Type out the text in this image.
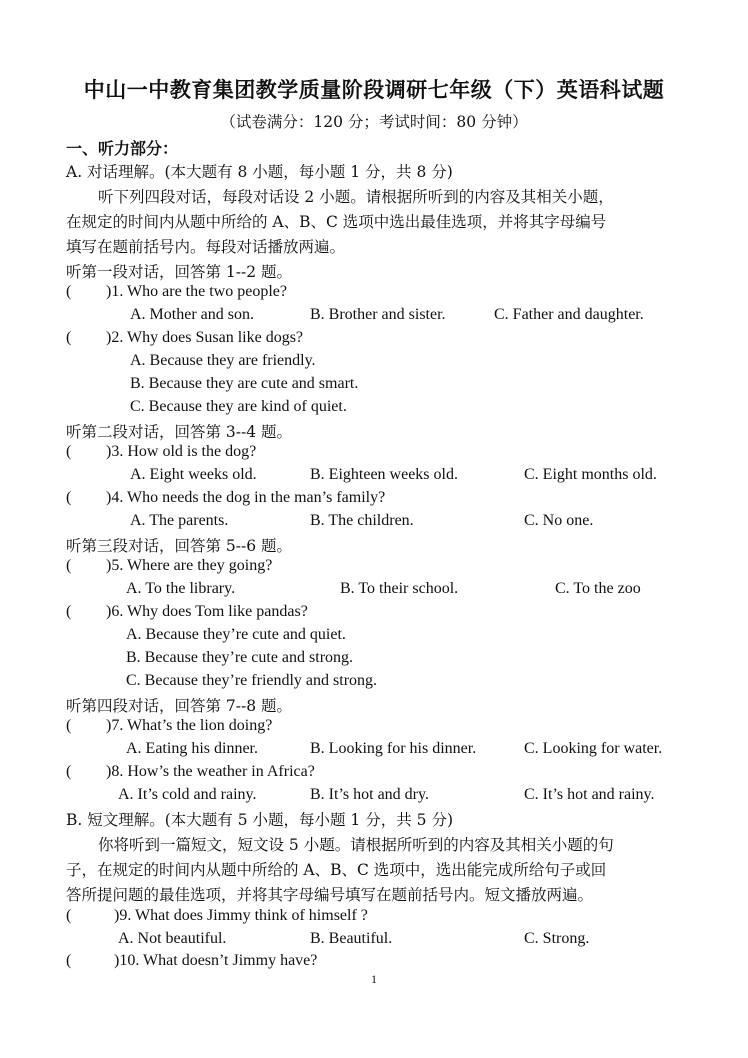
中山一中教育集团教学质量阶段调研七年级（下）英语科试题
（试卷满分：120 分；考试时间：80 分钟）
一、听力部分：
A. 对话理解。(本大题有 8 小题，每小题 1 分，共 8 分)
听下列四段对话，每段对话设 2 小题。请根据所听到的内容及其相关小题，
在规定的时间内从题中所给的 A、B、C 选项中选出最佳选项，并将其字母编号
填写在题前括号内。每段对话播放两遍。
听第一段对话，回答第 1--2 题。
( )1. Who are the two people?
A. Mother and son.	B. Brother and sister.	C. Father and daughter.
( )2. Why does Susan like dogs?
A. Because they are friendly.
B. Because they are cute and smart.
C. Because they are kind of quiet.
听第二段对话，回答第 3--4 题。
( )3. How old is the dog?
A. Eight weeks old.	B. Eighteen weeks old.	C. Eight months old.
( )4. Who needs the dog in the man’s family?
A. The parents.	B. The children.	C. No one.
听第三段对话，回答第 5--6 题。
( )5. Where are they going?
A. To the library.	B. To their school.	C. To the zoo
( )6. Why does Tom like pandas?
A. Because they’re cute and quiet.
B. Because they’re cute and strong.
C. Because they’re friendly and strong.
听第四段对话，回答第 7--8 题。
( )7. What’s the lion doing?
A. Eating his dinner.	B. Looking for his dinner.	C. Looking for water.
( )8. How’s the weather in Africa?
A. It’s cold and rainy.	B. It’s hot and dry.	C. It’s hot and rainy.
B. 短文理解。(本大题有 5 小题，每小题 1 分，共 5 分)
你将听到一篇短文，短文设 5 小题。请根据所听到的内容及其相关小题的句
子，在规定的时间内从题中所给的 A、B、C 选项中，选出能完成所给句子或回
答所提问题的最佳选项，并将其字母编号填写在题前括号内。短文播放两遍。
(	)9. What does Jimmy think of himself ?
A. Not beautiful.	B. Beautiful.	C. Strong.
(	)10. What doesn’t Jimmy have?
1
